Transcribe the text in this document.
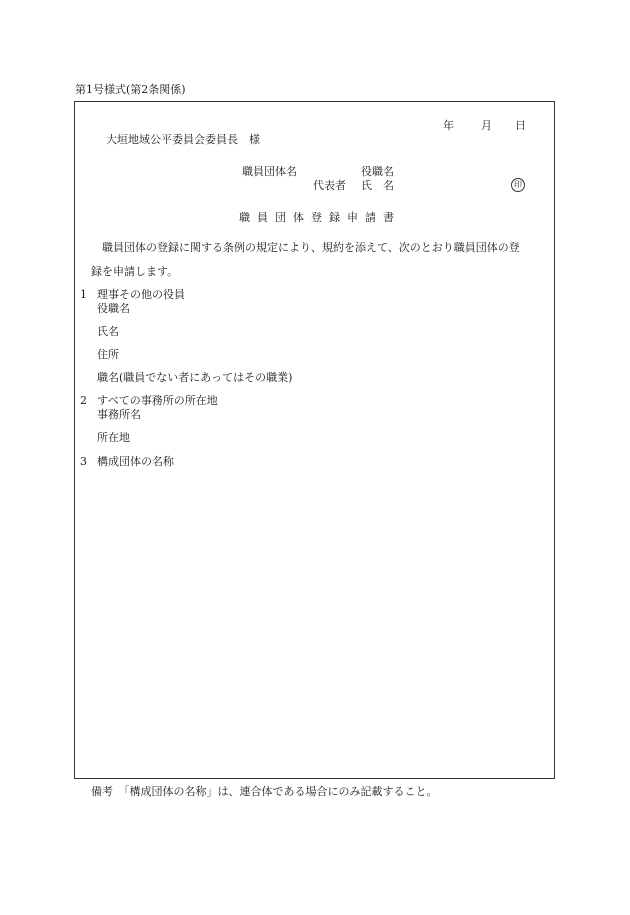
第1号様式(第2条関係)
年 月 日
大垣地域公平委員会委員長　様
職員団体名	役職名
代表者 氏　名	印
職員団体登録申請書
職員団体の登録に関する条例の規定により、規約を添えて、次のとおり職員団体の登
録を申請します。
1 理事その他の役員
役職名
氏名
住所
職名(職員でない者にあってはその職業)
2 すべての事務所の所在地
事務所名
所在地
3 構成団体の名称
備考　「構成団体の名称」は、連合体である場合にのみ記載すること。
